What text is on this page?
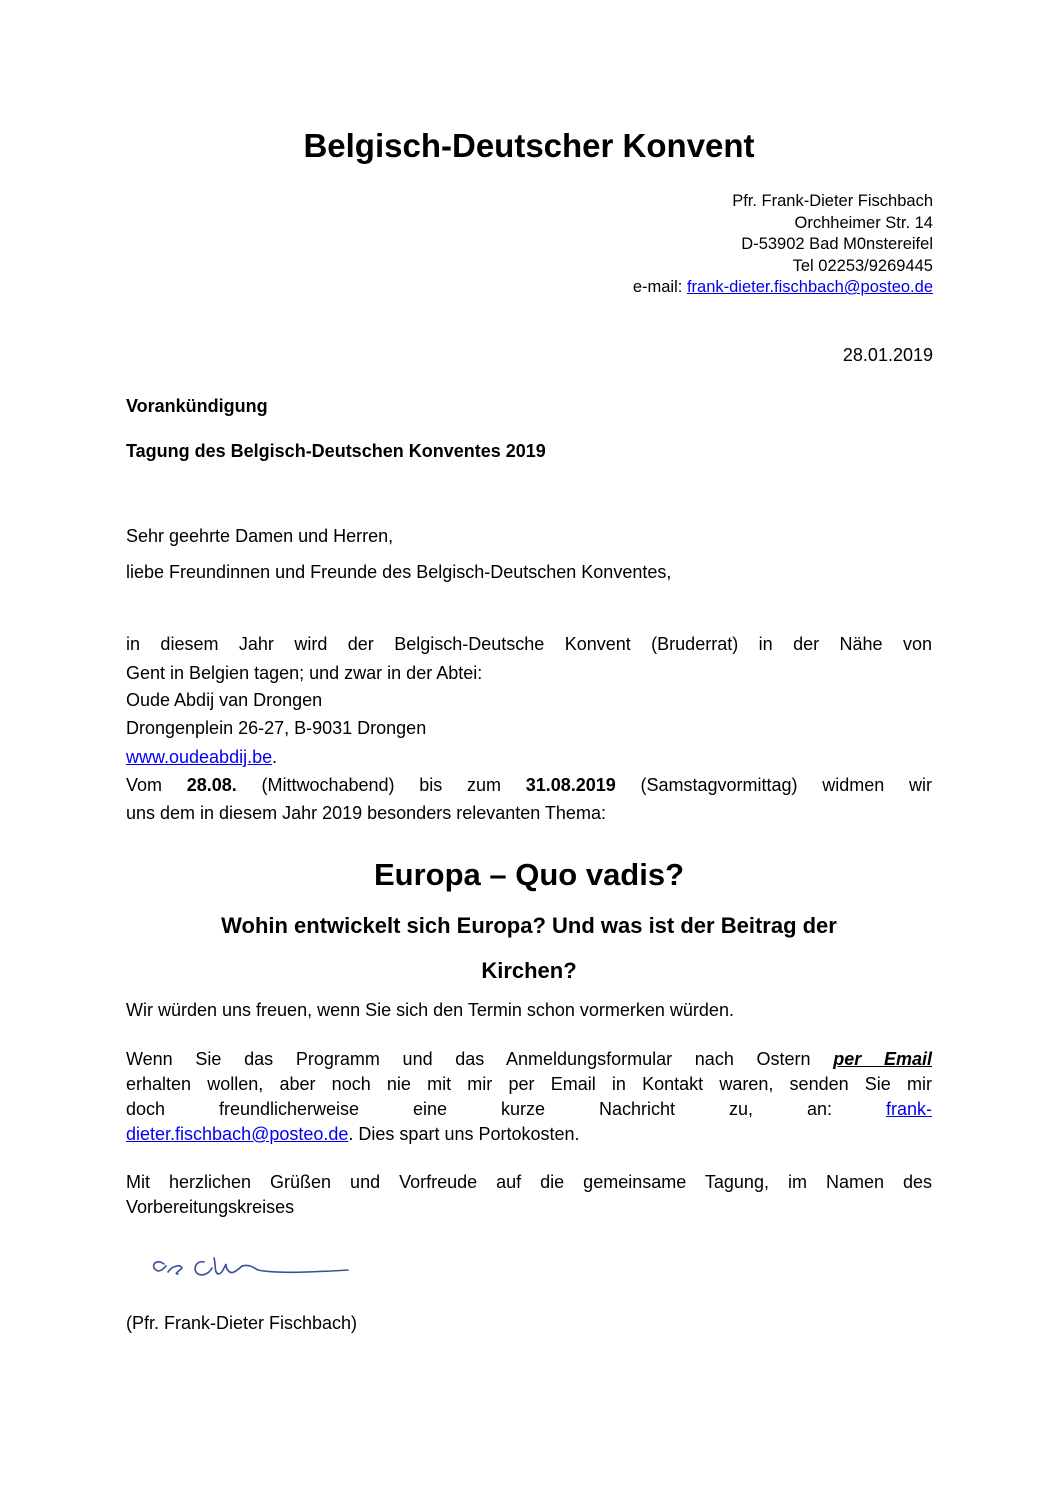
Belgisch-Deutscher Konvent
Pfr. Frank-Dieter Fischbach
Orchheimer Str. 14
D-53902 Bad M0nstereifel
Tel 02253/9269445
e-mail: frank-dieter.fischbach@posteo.de
28.01.2019
Vorankündigung
Tagung des Belgisch-Deutschen Konventes 2019
Sehr geehrte Damen und Herren,
liebe Freundinnen und Freunde des Belgisch-Deutschen Konventes,
in diesem Jahr wird der Belgisch-Deutsche Konvent (Bruderrat) in der Nähe von
Gent in Belgien tagen; und zwar in der Abtei:
Oude Abdij van Drongen
Drongenplein 26-27, B-9031 Drongen
www.oudeabdij.be.
Vom 28.08. (Mittwochabend) bis zum 31.08.2019 (Samstagvormittag) widmen wir
uns dem in diesem Jahr 2019 besonders relevanten Thema:
Europa – Quo vadis?
Wohin entwickelt sich Europa? Und was ist der Beitrag der
Kirchen?
Wir würden uns freuen, wenn Sie sich den Termin schon vormerken würden.
Wenn Sie das Programm und das Anmeldungsformular nach Ostern per Email
erhalten wollen, aber noch nie mit mir per Email in Kontakt waren, senden Sie mir
doch freundlicherweise eine kurze Nachricht zu, an: frank-
dieter.fischbach@posteo.de. Dies spart uns Portokosten.
Mit herzlichen Grüßen und Vorfreude auf die gemeinsame Tagung, im Namen des
Vorbereitungskreises
(Pfr. Frank-Dieter Fischbach)
